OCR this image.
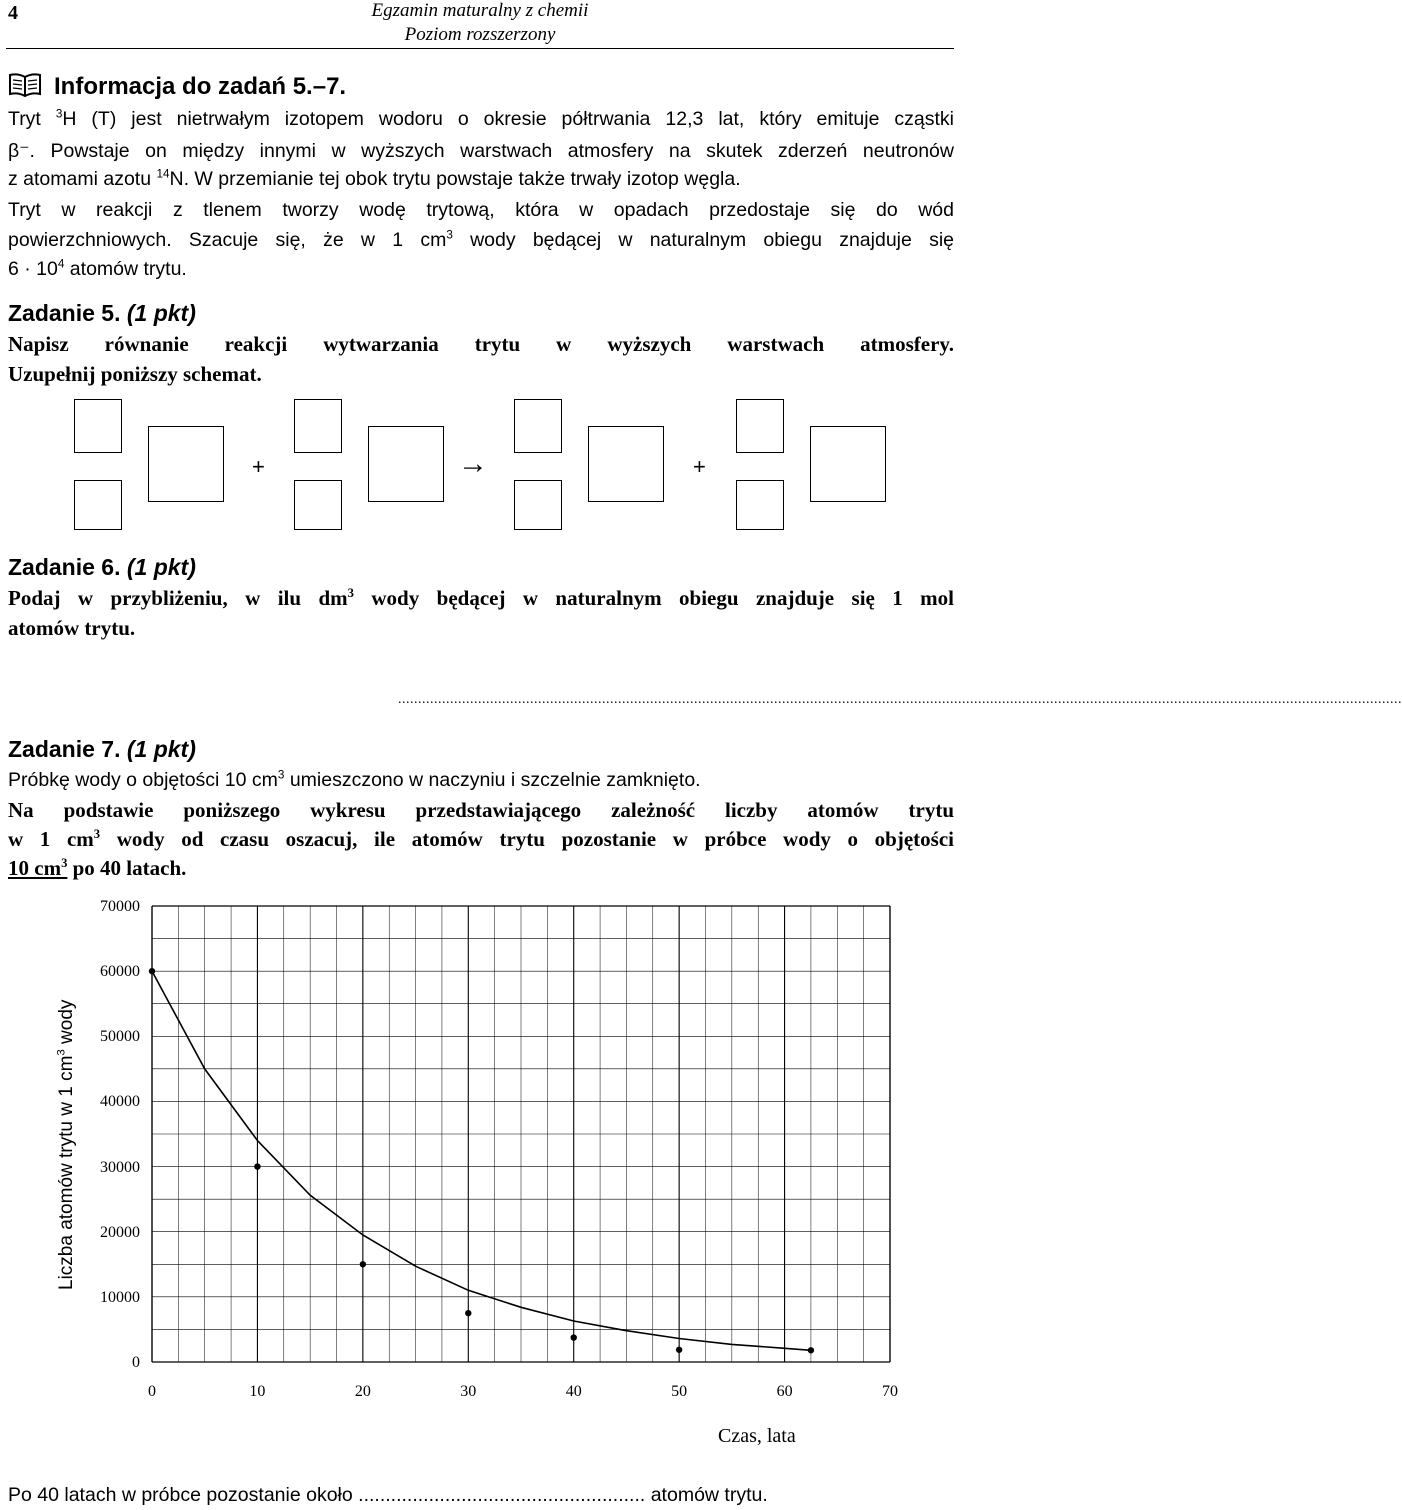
4	Egzamin maturalny z chemii
Poziom rozszerzony
Informacja do zadań 5.–7.
Tryt $^3$H (T) jest nietrwałym izotopem wodoru o okresie półtrwania 12,3 lat, który emituje cząstki
β⁻. Powstaje on między innymi w wyższych warstwach atmosfery na skutek zderzeń neutronów
z atomami azotu $^{14}$N. W przemianie tej obok trytu powstaje także trwały izotop węgla.
Tryt w reakcji z tlenem tworzy wodę trytową, która w opadach przedostaje się do wód
powierzchniowych. Szacuje się, że w 1 $cm^3$ wody będącej w naturalnym obiegu znajduje się
$6 \cdot 10^4$ atomów trytu.
Zadanie 5. (1 pkt)
Napisz równanie reakcji wytwarzania trytu w wyższych warstwach atmosfery.
Uzupełnij poniższy schemat.
+	→	+
Zadanie 6. (1 pkt)
Podaj w przybliżeniu, w ilu $dm^3$ wody będącej w naturalnym obiegu znajduje się 1 mol
atomów trytu.
...........................................................................................................................................................................................................................................................
Zadanie 7. (1 pkt)
Próbkę wody o objętości 10 $cm^3$ umieszczono w naczyniu i szczelnie zamknięto.
Na podstawie poniższego wykresu przedstawiającego zależność liczby atomów trytu
w 1 $cm^3$ wody od czasu oszacuj, ile atomów trytu pozostanie w próbce wody o objętości
10 $cm^3$ po 40 latach.
0
10000
20000
30000
40000
50000
60000
70000
0	10	20	30	40	50	60	70
Liczba atomów trytu w 1 $cm^3$ wody
Czas, lata
Po 40 latach w próbce pozostanie około ..................................................... atomów trytu.
